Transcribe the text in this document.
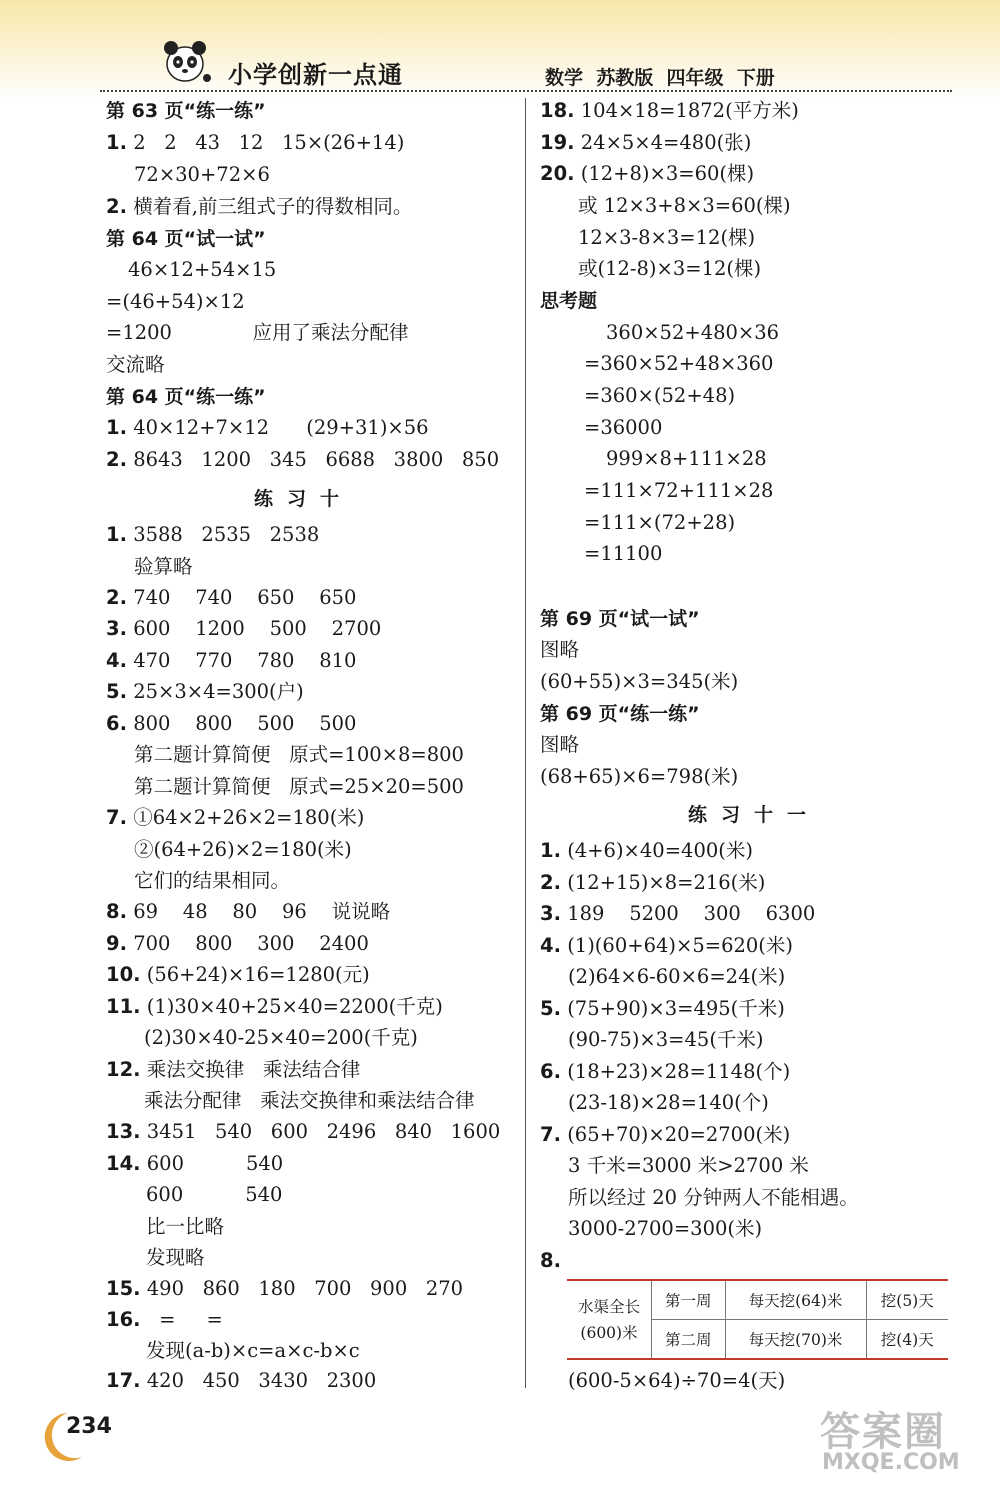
小学创新一点通	数学  苏教版  四年级  下册
第 63 页“练一练”
1. 2   2   43   12   15×(26+14)
72×30+72×6
2. 横着看,前三组式子的得数相同。
第 64 页“试一试”
46×12+54×15
=(46+54)×12
=1200             应用了乘法分配律
交流略
第 64 页“练一练”
1. 40×12+7×12      (29+31)×56
2. 8643   1200   345   6688   3800   850
练习十
1. 3588   2535   2538
验算略
2. 740    740    650    650
3. 600    1200    500    2700
4. 470    770    780    810
5. 25×3×4=300(户)
6. 800    800    500    500
第二题计算简便   原式=100×8=800
第二题计算简便   原式=25×20=500
7. ①64×2+26×2=180(米)
②(64+26)×2=180(米)
它们的结果相同。
8. 69    48    80    96    说说略
9. 700    800    300    2400
10. (56+24)×16=1280(元)
11. (1)30×40+25×40=2200(千克)
(2)30×40-25×40=200(千克)
12. 乘法交换律   乘法结合律
乘法分配律   乘法交换律和乘法结合律
13. 3451   540   600   2496   840   1600
14. 600          540
600          540
比一比略
发现略
15. 490   860   180   700   900   270
16. =     =
发现(a-b)×c=a×c-b×c
17. 420   450   3430   2300
18. 104×18=1872(平方米)
19. 24×5×4=480(张)
20. (12+8)×3=60(棵)
或 12×3+8×3=60(棵)
12×3-8×3=12(棵)
或(12-8)×3=12(棵)
思考题
360×52+480×36
=360×52+48×360
=360×(52+48)
=36000
999×8+111×28
=111×72+111×28
=111×(72+28)
=11100
第 69 页“试一试”
图略
(60+55)×3=345(米)
第 69 页“练一练”
图略
(68+65)×6=798(米)
练习十一
1. (4+6)×40=400(米)
2. (12+15)×8=216(米)
3. 189    5200    300    6300
4. (1)(60+64)×5=620(米)
(2)64×6-60×6=24(米)
5. (75+90)×3=495(千米)
(90-75)×3=45(千米)
6. (18+23)×28=1148(个)
(23-18)×28=140(个)
7. (65+70)×20=2700(米)
3 千米=3000 米>2700 米
所以经过 20 分钟两人不能相遇。
3000-2700=300(米)
8.
(600-5×64)÷70=4(天)
水渠全长
(600)米	第一周	每天挖(64)米	挖(5)天
	第二周	每天挖(70)米	挖(4)天
234	答案圈
MXQE.COM
